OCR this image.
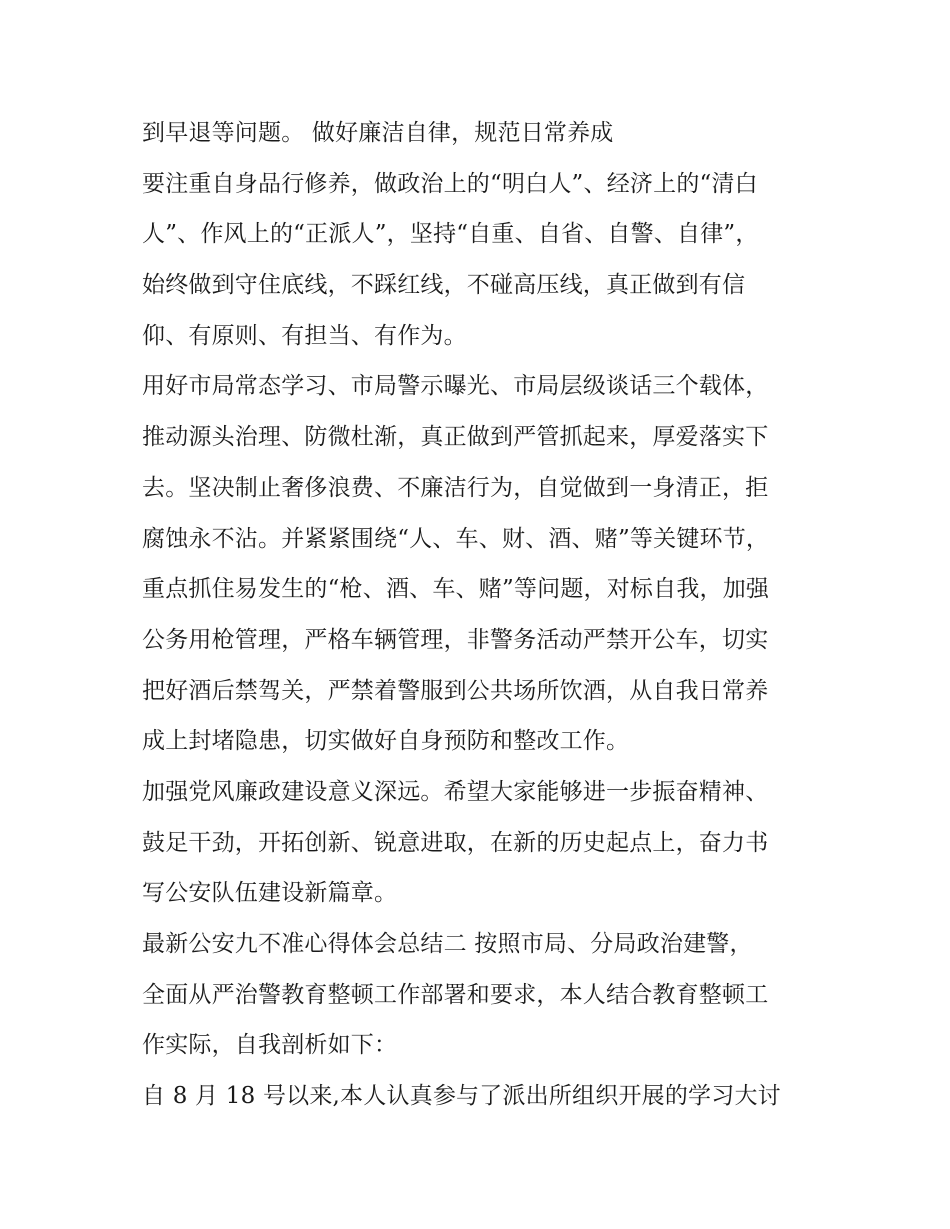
到早退等问题。 做好廉洁自律，规范日常养成
要注重自身品行修养，做政治上的“明白人”、经济上的“清白
人”、作风上的“正派人”，坚持“自重、自省、自警、自律”，
始终做到守住底线，不踩红线，不碰高压线，真正做到有信
仰、有原则、有担当、有作为。
用好市局常态学习、市局警示曝光、市局层级谈话三个载体，
推动源头治理、防微杜渐，真正做到严管抓起来，厚爱落实下
去。坚决制止奢侈浪费、不廉洁行为，自觉做到一身清正，拒
腐蚀永不沾。并紧紧围绕“人、车、财、酒、赌”等关键环节，
重点抓住易发生的“枪、酒、车、赌”等问题，对标自我，加强
公务用枪管理，严格车辆管理，非警务活动严禁开公车，切实
把好酒后禁驾关，严禁着警服到公共场所饮酒，从自我日常养
成上封堵隐患，切实做好自身预防和整改工作。
加强党风廉政建设意义深远。希望大家能够进一步振奋精神、
鼓足干劲，开拓创新、锐意进取，在新的历史起点上，奋力书
写公安队伍建设新篇章。
最新公安九不准心得体会总结二 按照市局、分局政治建警，
全面从严治警教育整顿工作部署和要求，本人结合教育整顿工
作实际，自我剖析如下：
自 8 月 18 号以来,本人认真参与了派出所组织开展的学习大讨
